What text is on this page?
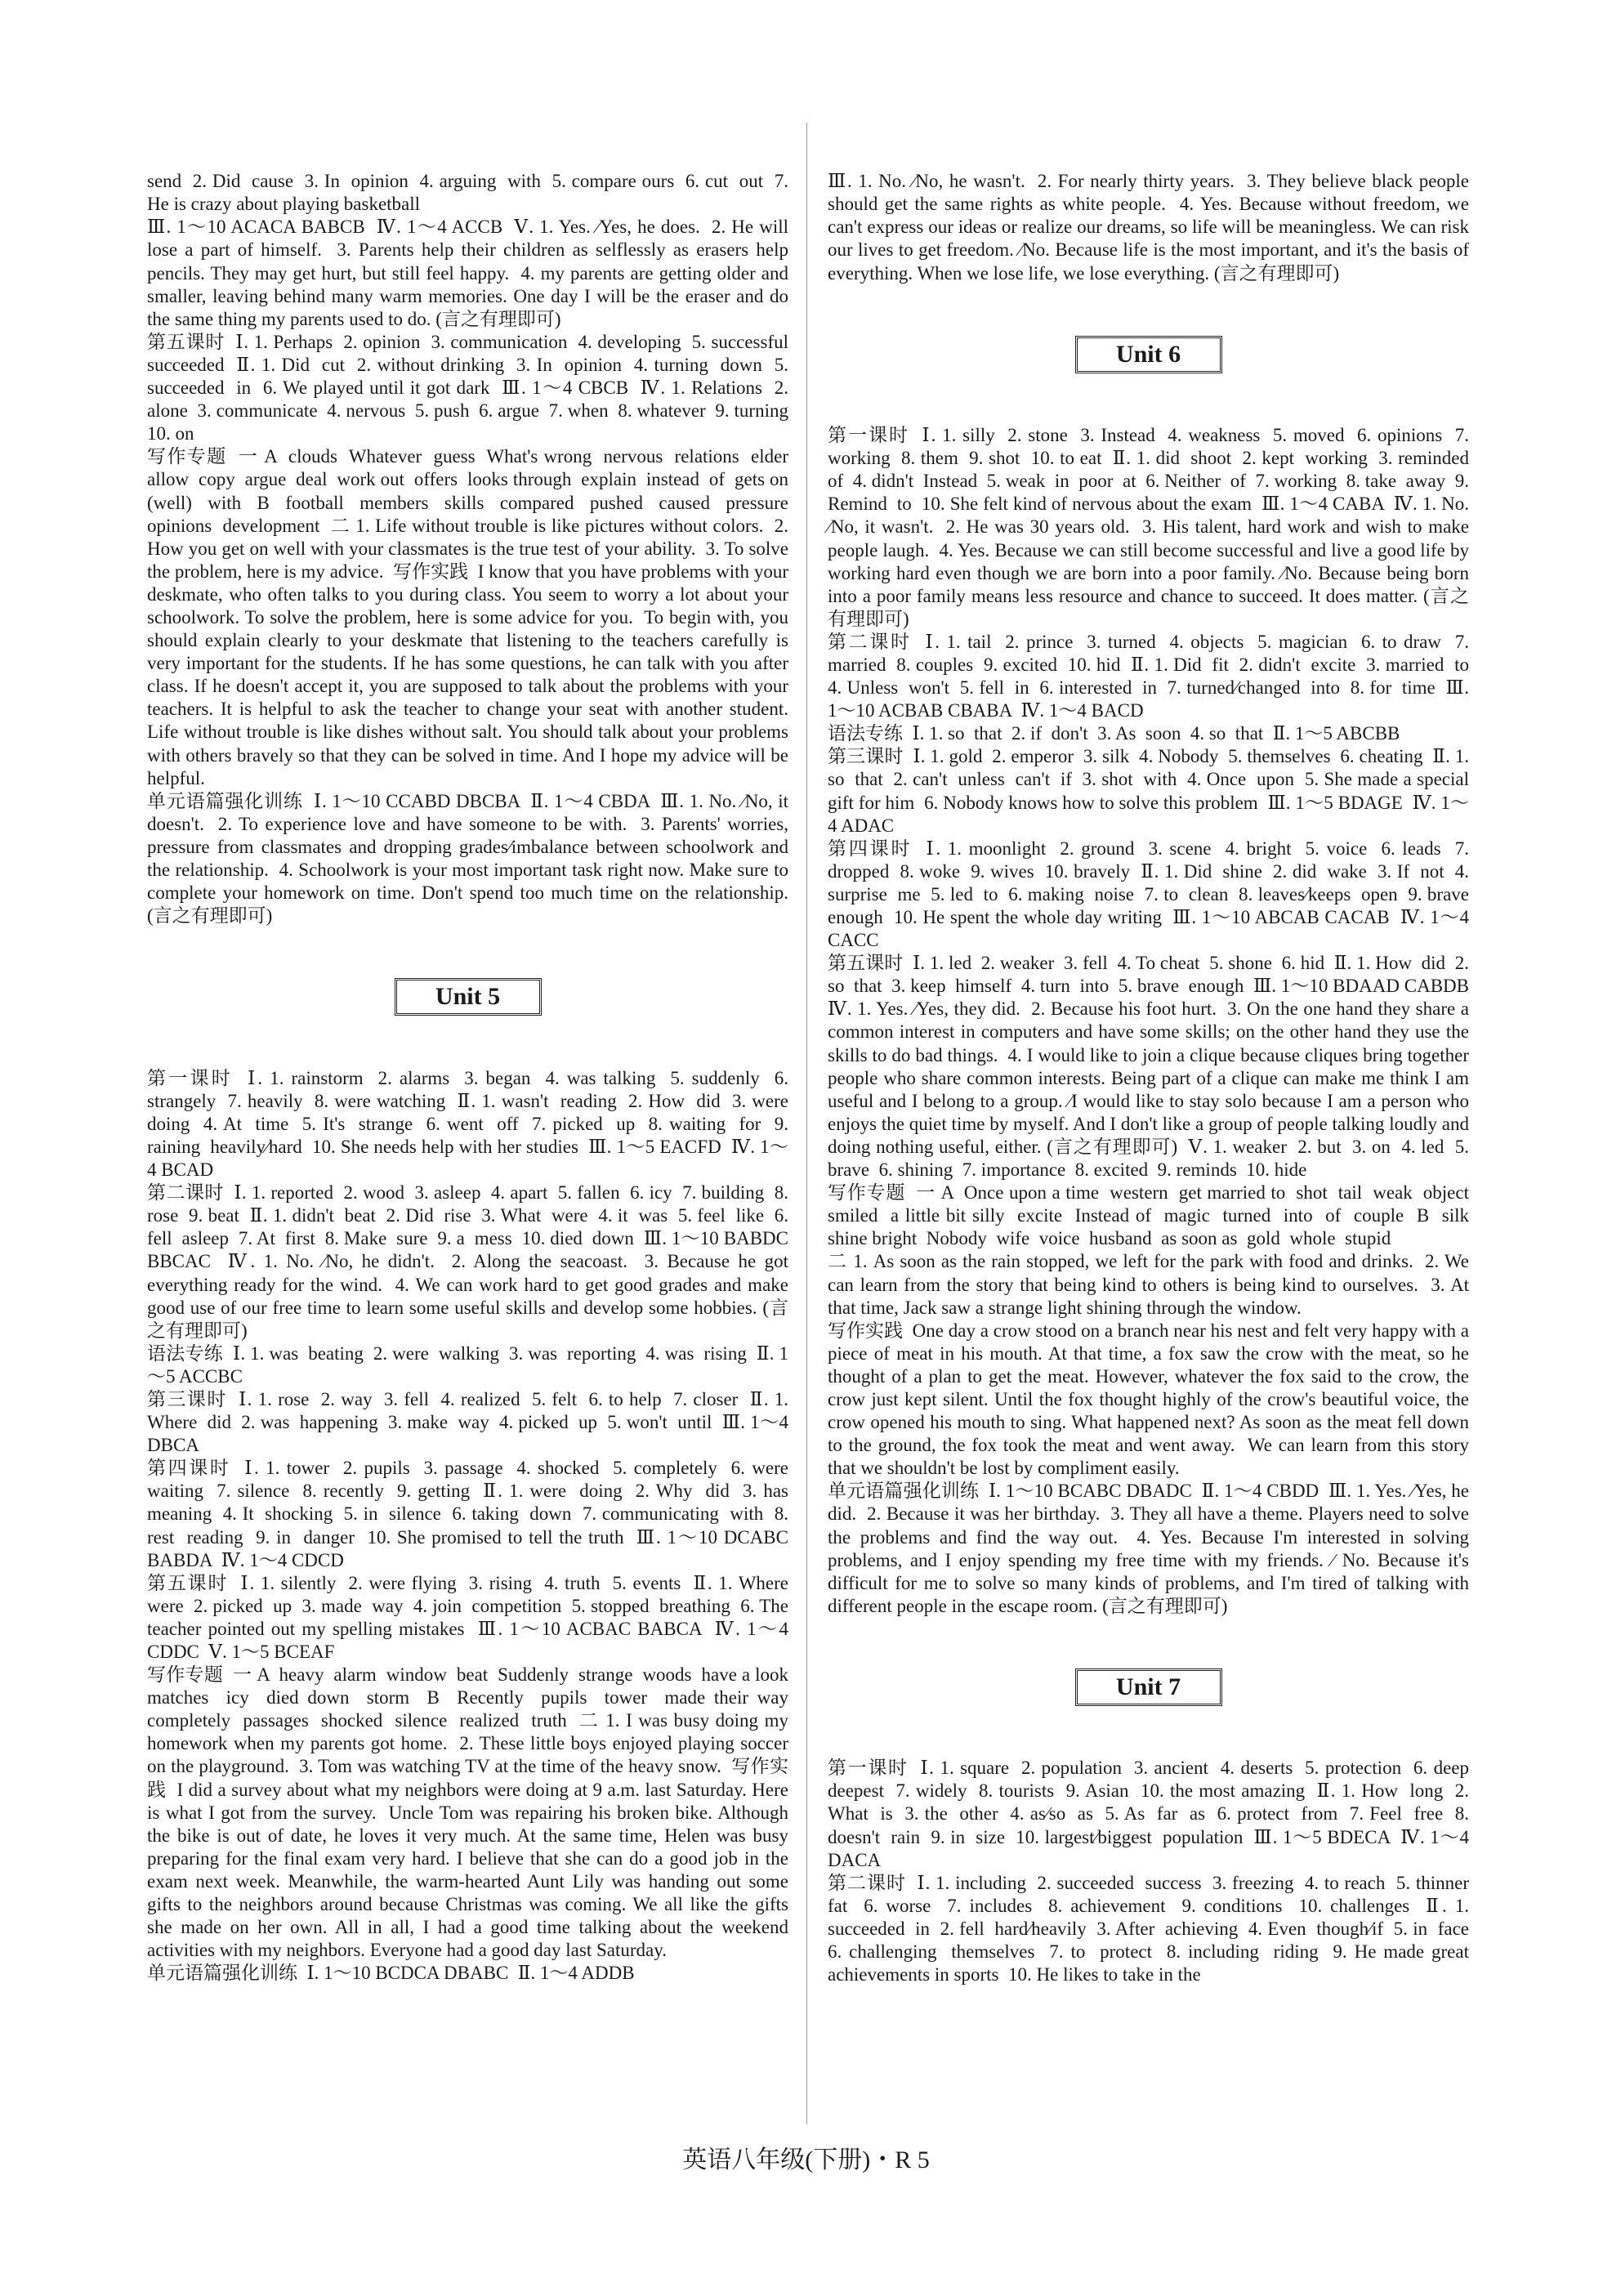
send  2. Did  cause  3. In  opinion  4. arguing  with  5. compare ours  6. cut  out  7. He is crazy about playing basketball
Ⅲ. 1～10 ACACA BABCB  Ⅳ. 1～4 ACCB  Ⅴ. 1. Yes. ∕Yes, he does.  2. He will lose a part of himself.  3. Parents help their children as selflessly as erasers help pencils. They may get hurt, but still feel happy.  4. my parents are getting older and smaller, leaving behind many warm memories. One day I will be the eraser and do the same thing my parents used to do. (言之有理即可)
第五课时  Ⅰ. 1. Perhaps  2. opinion  3. communication  4. developing  5. successful  succeeded  Ⅱ. 1. Did  cut  2. without drinking  3. In  opinion  4. turning  down  5. succeeded  in  6. We played until it got dark  Ⅲ. 1～4 CBCB  Ⅳ. 1. Relations  2. alone  3. communicate  4. nervous  5. push  6. argue  7. when  8. whatever  9. turning  10. on
写作专题  一 A  clouds  Whatever  guess  What's wrong  nervous  relations  elder  allow  copy  argue  deal  work out  offers  looks through  explain  instead  of  gets on (well)  with  B  football  members  skills  compared  pushed  caused  pressure  opinions  development  二 1. Life without trouble is like pictures without colors.  2. How you get on well with your classmates is the true test of your ability.  3. To solve the problem, here is my advice.  写作实践  I know that you have problems with your deskmate, who often talks to you during class. You seem to worry a lot about your schoolwork. To solve the problem, here is some advice for you.  To begin with, you should explain clearly to your deskmate that listening to the teachers carefully is very important for the students. If he has some questions, he can talk with you after class. If he doesn't accept it, you are supposed to talk about the problems with your teachers. It is helpful to ask the teacher to change your seat with another student.  Life without trouble is like dishes without salt. You should talk about your problems with others bravely so that they can be solved in time. And I hope my advice will be helpful.
单元语篇强化训练  Ⅰ. 1～10 CCABD DBCBA  Ⅱ. 1～4 CBDA  Ⅲ. 1. No. ∕No, it doesn't.  2. To experience love and have someone to be with.  3. Parents' worries, pressure from classmates and dropping grades∕imbalance between schoolwork and the relationship.  4. Schoolwork is your most important task right now. Make sure to complete your homework on time. Don't spend too much time on the relationship. (言之有理即可)

Unit 5

第一课时  Ⅰ. 1. rainstorm  2. alarms  3. began  4. was talking  5. suddenly  6. strangely  7. heavily  8. were watching  Ⅱ. 1. wasn't  reading  2. How  did  3. were  doing  4. At  time  5. It's  strange  6. went  off  7. picked  up  8. waiting  for  9. raining  heavily∕hard  10. She needs help with her studies  Ⅲ. 1～5 EACFD  Ⅳ. 1～4 BCAD
第二课时  Ⅰ. 1. reported  2. wood  3. asleep  4. apart  5. fallen  6. icy  7. building  8. rose  9. beat  Ⅱ. 1. didn't  beat  2. Did  rise  3. What  were  4. it  was  5. feel  like  6. fell  asleep  7. At  first  8. Make  sure  9. a  mess  10. died  down  Ⅲ. 1～10 BABDC BBCAC  Ⅳ. 1. No. ∕No, he didn't.  2. Along the seacoast.  3. Because he got everything ready for the wind.  4. We can work hard to get good grades and make good use of our free time to learn some useful skills and develop some hobbies. (言之有理即可)
语法专练  Ⅰ. 1. was  beating  2. were  walking  3. was  reporting  4. was  rising  Ⅱ. 1～5 ACCBC
第三课时  Ⅰ. 1. rose  2. way  3. fell  4. realized  5. felt  6. to help  7. closer  Ⅱ. 1. Where  did  2. was  happening  3. make  way  4. picked  up  5. won't  until  Ⅲ. 1～4 DBCA
第四课时  Ⅰ. 1. tower  2. pupils  3. passage  4. shocked  5. completely  6. were waiting  7. silence  8. recently  9. getting  Ⅱ. 1. were  doing  2. Why  did  3. has  meaning  4. It  shocking  5. in  silence  6. taking  down  7. communicating  with  8. rest  reading  9. in  danger  10. She promised to tell the truth  Ⅲ. 1～10 DCABC BABDA  Ⅳ. 1～4 CDCD
第五课时  Ⅰ. 1. silently  2. were flying  3. rising  4. truth  5. events  Ⅱ. 1. Where  were  2. picked  up  3. made  way  4. join  competition  5. stopped  breathing  6. The teacher pointed out my spelling mistakes  Ⅲ. 1～10 ACBAC BABCA  Ⅳ. 1～4 CDDC  Ⅴ. 1～5 BCEAF
写作专题  一 A  heavy  alarm  window  beat  Suddenly  strange  woods  have a look  matches  icy  died down  storm  B  Recently  pupils  tower  made their way  completely  passages  shocked  silence  realized  truth  二 1. I was busy doing my homework when my parents got home.  2. These little boys enjoyed playing soccer on the playground.  3. Tom was watching TV at the time of the heavy snow.  写作实践  I did a survey about what my neighbors were doing at 9 a.m. last Saturday. Here is what I got from the survey.  Uncle Tom was repairing his broken bike. Although the bike is out of date, he loves it very much. At the same time, Helen was busy preparing for the final exam very hard. I believe that she can do a good job in the exam next week. Meanwhile, the warm-hearted Aunt Lily was handing out some gifts to the neighbors around because Christmas was coming. We all like the gifts she made on her own. All in all, I had a good time talking about the weekend activities with my neighbors. Everyone had a good day last Saturday.
单元语篇强化训练  Ⅰ. 1～10 BCDCA DBABC  Ⅱ. 1～4 ADDB

Ⅲ. 1. No. ∕No, he wasn't.  2. For nearly thirty years.  3. They believe black people should get the same rights as white people.  4. Yes. Because without freedom, we can't express our ideas or realize our dreams, so life will be meaningless. We can risk our lives to get freedom. ∕No. Because life is the most important, and it's the basis of everything. When we lose life, we lose everything. (言之有理即可)

Unit 6

第一课时  Ⅰ. 1. silly  2. stone  3. Instead  4. weakness  5. moved  6. opinions  7. working  8. them  9. shot  10. to eat  Ⅱ. 1. did  shoot  2. kept  working  3. reminded  of  4. didn't  Instead  5. weak  in  poor  at  6. Neither  of  7. working  8. take  away  9. Remind  to  10. She felt kind of nervous about the exam  Ⅲ. 1～4 CABA  Ⅳ. 1. No. ∕No, it wasn't.  2. He was 30 years old.  3. His talent, hard work and wish to make people laugh.  4. Yes. Because we can still become successful and live a good life by working hard even though we are born into a poor family. ∕No. Because being born into a poor family means less resource and chance to succeed. It does matter. (言之有理即可)
第二课时  Ⅰ. 1. tail  2. prince  3. turned  4. objects  5. magician  6. to draw  7. married  8. couples  9. excited  10. hid  Ⅱ. 1. Did  fit  2. didn't  excite  3. married  to  4. Unless  won't  5. fell  in  6. interested  in  7. turned∕changed  into  8. for  time  Ⅲ. 1～10 ACBAB CBABA  Ⅳ. 1～4 BACD
语法专练  Ⅰ. 1. so  that  2. if  don't  3. As  soon  4. so  that  Ⅱ. 1～5 ABCBB
第三课时  Ⅰ. 1. gold  2. emperor  3. silk  4. Nobody  5. themselves  6. cheating  Ⅱ. 1. so  that  2. can't  unless  can't  if  3. shot  with  4. Once  upon  5. She made a special gift for him  6. Nobody knows how to solve this problem  Ⅲ. 1～5 BDAGE  Ⅳ. 1～4 ADAC
第四课时  Ⅰ. 1. moonlight  2. ground  3. scene  4. bright  5. voice  6. leads  7. dropped  8. woke  9. wives  10. bravely  Ⅱ. 1. Did  shine  2. did  wake  3. If  not  4. surprise  me  5. led  to  6. making  noise  7. to  clean  8. leaves∕keeps  open  9. brave  enough  10. He spent the whole day writing  Ⅲ. 1～10 ABCAB CACAB  Ⅳ. 1～4 CACC
第五课时  Ⅰ. 1. led  2. weaker  3. fell  4. To cheat  5. shone  6. hid  Ⅱ. 1. How  did  2. so  that  3. keep  himself  4. turn  into  5. brave  enough  Ⅲ. 1～10 BDAAD CABDB  Ⅳ. 1. Yes. ∕Yes, they did.  2. Because his foot hurt.  3. On the one hand they share a common interest in computers and have some skills; on the other hand they use the skills to do bad things.  4. I would like to join a clique because cliques bring together people who share common interests. Being part of a clique can make me think I am useful and I belong to a group. ∕I would like to stay solo because I am a person who enjoys the quiet time by myself. And I don't like a group of people talking loudly and doing nothing useful, either. (言之有理即可)  Ⅴ. 1. weaker  2. but  3. on  4. led  5. brave  6. shining  7. importance  8. excited  9. reminds  10. hide
写作专题  一 A  Once upon a time  western  get married to  shot  tail  weak  object  smiled  a little bit silly  excite  Instead of  magic  turned  into  of  couple  B  silk  shine bright  Nobody  wife  voice  husband  as soon as  gold  whole  stupid
二 1. As soon as the rain stopped, we left for the park with food and drinks.  2. We can learn from the story that being kind to others is being kind to ourselves.  3. At that time, Jack saw a strange light shining through the window.
写作实践  One day a crow stood on a branch near his nest and felt very happy with a piece of meat in his mouth. At that time, a fox saw the crow with the meat, so he thought of a plan to get the meat. However, whatever the fox said to the crow, the crow just kept silent. Until the fox thought highly of the crow's beautiful voice, the crow opened his mouth to sing. What happened next? As soon as the meat fell down to the ground, the fox took the meat and went away.  We can learn from this story that we shouldn't be lost by compliment easily.
单元语篇强化训练  Ⅰ. 1～10 BCABC DBADC  Ⅱ. 1～4 CBDD  Ⅲ. 1. Yes. ∕Yes, he did.  2. Because it was her birthday.  3. They all have a theme. Players need to solve the problems and find the way out.  4. Yes. Because I'm interested in solving problems, and I enjoy spending my free time with my friends. ∕ No. Because it's difficult for me to solve so many kinds of problems, and I'm tired of talking with different people in the escape room. (言之有理即可)

Unit 7

第一课时  Ⅰ. 1. square  2. population  3. ancient  4. deserts  5. protection  6. deep  deepest  7. widely  8. tourists  9. Asian  10. the most amazing  Ⅱ. 1. How  long  2. What  is  3. the  other  4. as∕so  as  5. As  far  as  6. protect  from  7. Feel  free  8. doesn't  rain  9. in  size  10. largest∕biggest  population  Ⅲ. 1～5 BDECA  Ⅳ. 1～4 DACA
第二课时  Ⅰ. 1. including  2. succeeded  success  3. freezing  4. to reach  5. thinner  fat  6. worse  7. includes  8. achievement  9. conditions  10. challenges  Ⅱ. 1. succeeded  in  2. fell  hard∕heavily  3. After  achieving  4. Even  though∕if  5. in  face  6. challenging  themselves  7. to  protect  8. including  riding  9. He made great achievements in sports  10. He likes to take in the

英语八年级(下册)・R 5
